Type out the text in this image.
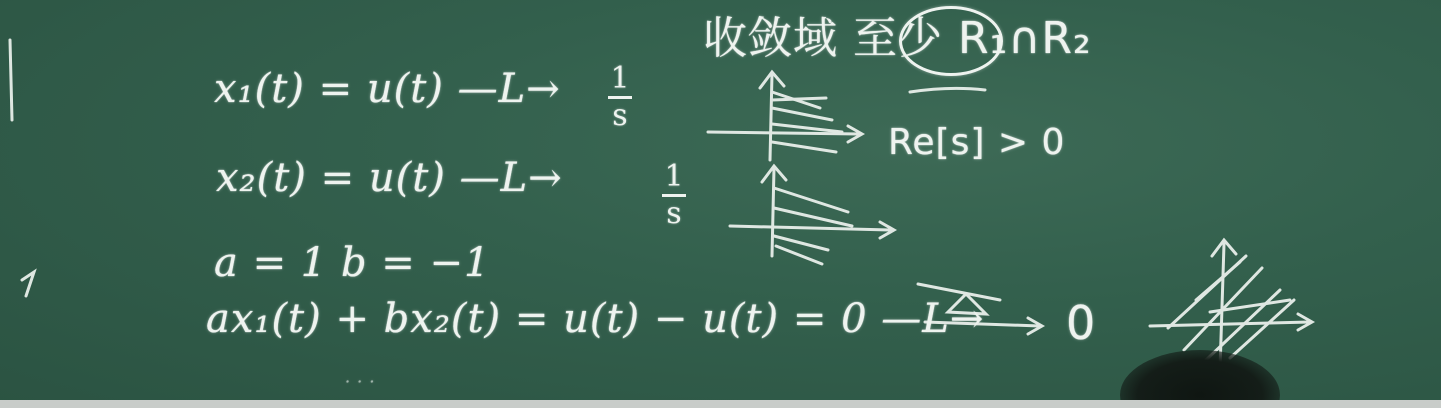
收敛域 至少 R₁∩R₂
x₁(t) = u(t) —L→	1
s
Re[s] > 0
x₂(t) = u(t) —L→	1
s
a = 1 b = −1
ax₁(t) + bx₂(t) = u(t) − u(t) = 0 —L→ 0
· · ·
